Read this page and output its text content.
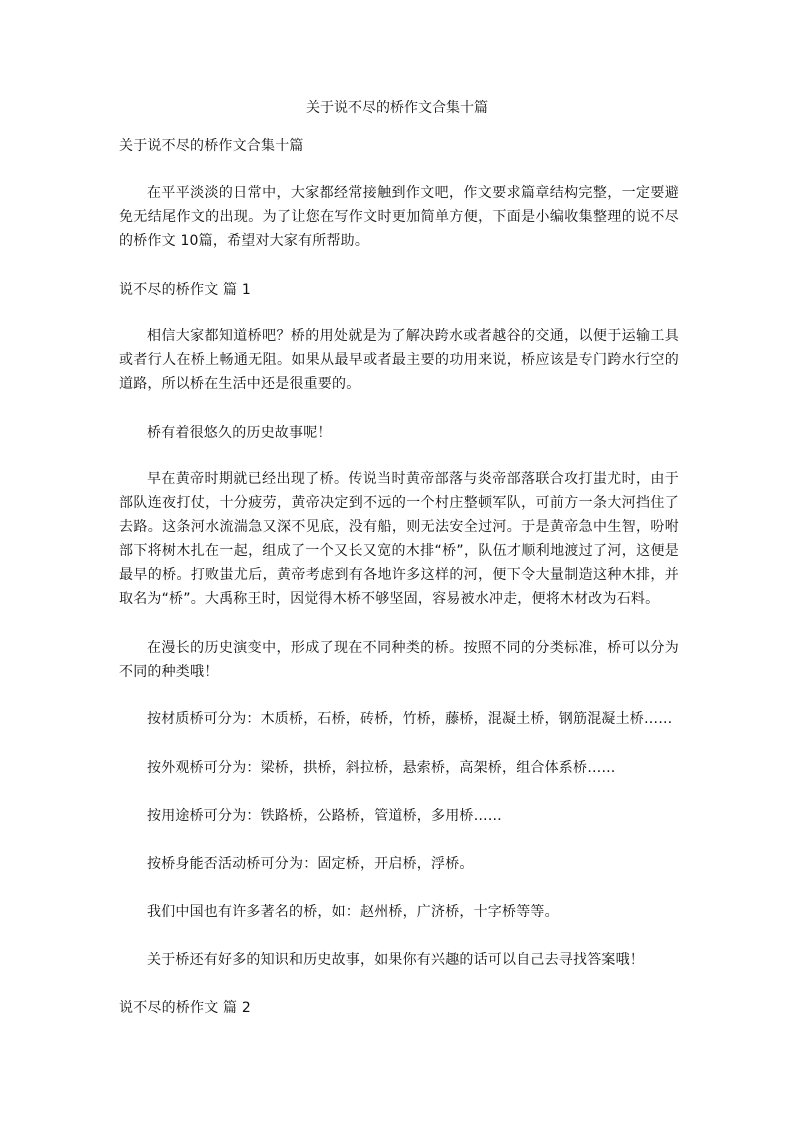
关于说不尽的桥作文合集十篇

关于说不尽的桥作文合集十篇

在平平淡淡的日常中，大家都经常接触到作文吧，作文要求篇章结构完整，一定要避免无结尾作文的出现。为了让您在写作文时更加简单方便，下面是小编收集整理的说不尽的桥作文 10篇，希望对大家有所帮助。

说不尽的桥作文 篇 1

相信大家都知道桥吧？桥的用处就是为了解决跨水或者越谷的交通，以便于运输工具或者行人在桥上畅通无阻。如果从最早或者最主要的功用来说，桥应该是专门跨水行空的道路，所以桥在生活中还是很重要的。

桥有着很悠久的历史故事呢！

早在黄帝时期就已经出现了桥。传说当时黄帝部落与炎帝部落联合攻打蚩尤时，由于部队连夜打仗，十分疲劳，黄帝决定到不远的一个村庄整顿军队，可前方一条大河挡住了去路。这条河水流湍急又深不见底，没有船，则无法安全过河。于是黄帝急中生智，吩咐部下将树木扎在一起，组成了一个又长又宽的木排“桥”，队伍才顺利地渡过了河，这便是最早的桥。打败蚩尤后，黄帝考虑到有各地许多这样的河，便下令大量制造这种木排，并取名为“桥”。大禹称王时，因觉得木桥不够坚固，容易被水冲走，便将木材改为石料。

在漫长的历史演变中，形成了现在不同种类的桥。按照不同的分类标准，桥可以分为不同的种类哦！

按材质桥可分为：木质桥，石桥，砖桥，竹桥，藤桥，混凝土桥，钢筋混凝土桥……

按外观桥可分为：梁桥，拱桥，斜拉桥，悬索桥，高架桥，组合体系桥……

按用途桥可分为：铁路桥，公路桥，管道桥，多用桥……

按桥身能否活动桥可分为：固定桥，开启桥，浮桥。

我们中国也有许多著名的桥，如：赵州桥，广济桥，十字桥等等。

关于桥还有好多的知识和历史故事，如果你有兴趣的话可以自己去寻找答案哦！

说不尽的桥作文 篇 2
